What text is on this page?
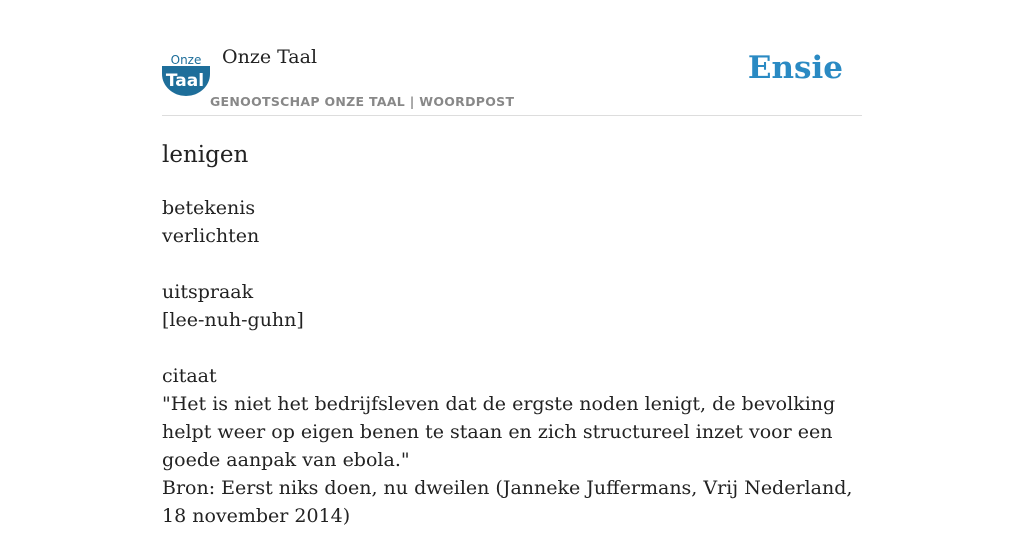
Onze
Taal
Onze Taal
GENOOTSCHAP ONZE TAAL | WOORDPOST
Ensie
lenigen
betekenis
verlichten
uitspraak
[lee-nuh-guhn]
citaat
"Het is niet het bedrijfsleven dat de ergste noden lenigt, de bevolking helpt weer op eigen benen te staan en zich structureel inzet voor een goede aanpak van ebola."
Bron: Eerst niks doen, nu dweilen (Janneke Juffermans, Vrij Nederland, 18 november 2014)
